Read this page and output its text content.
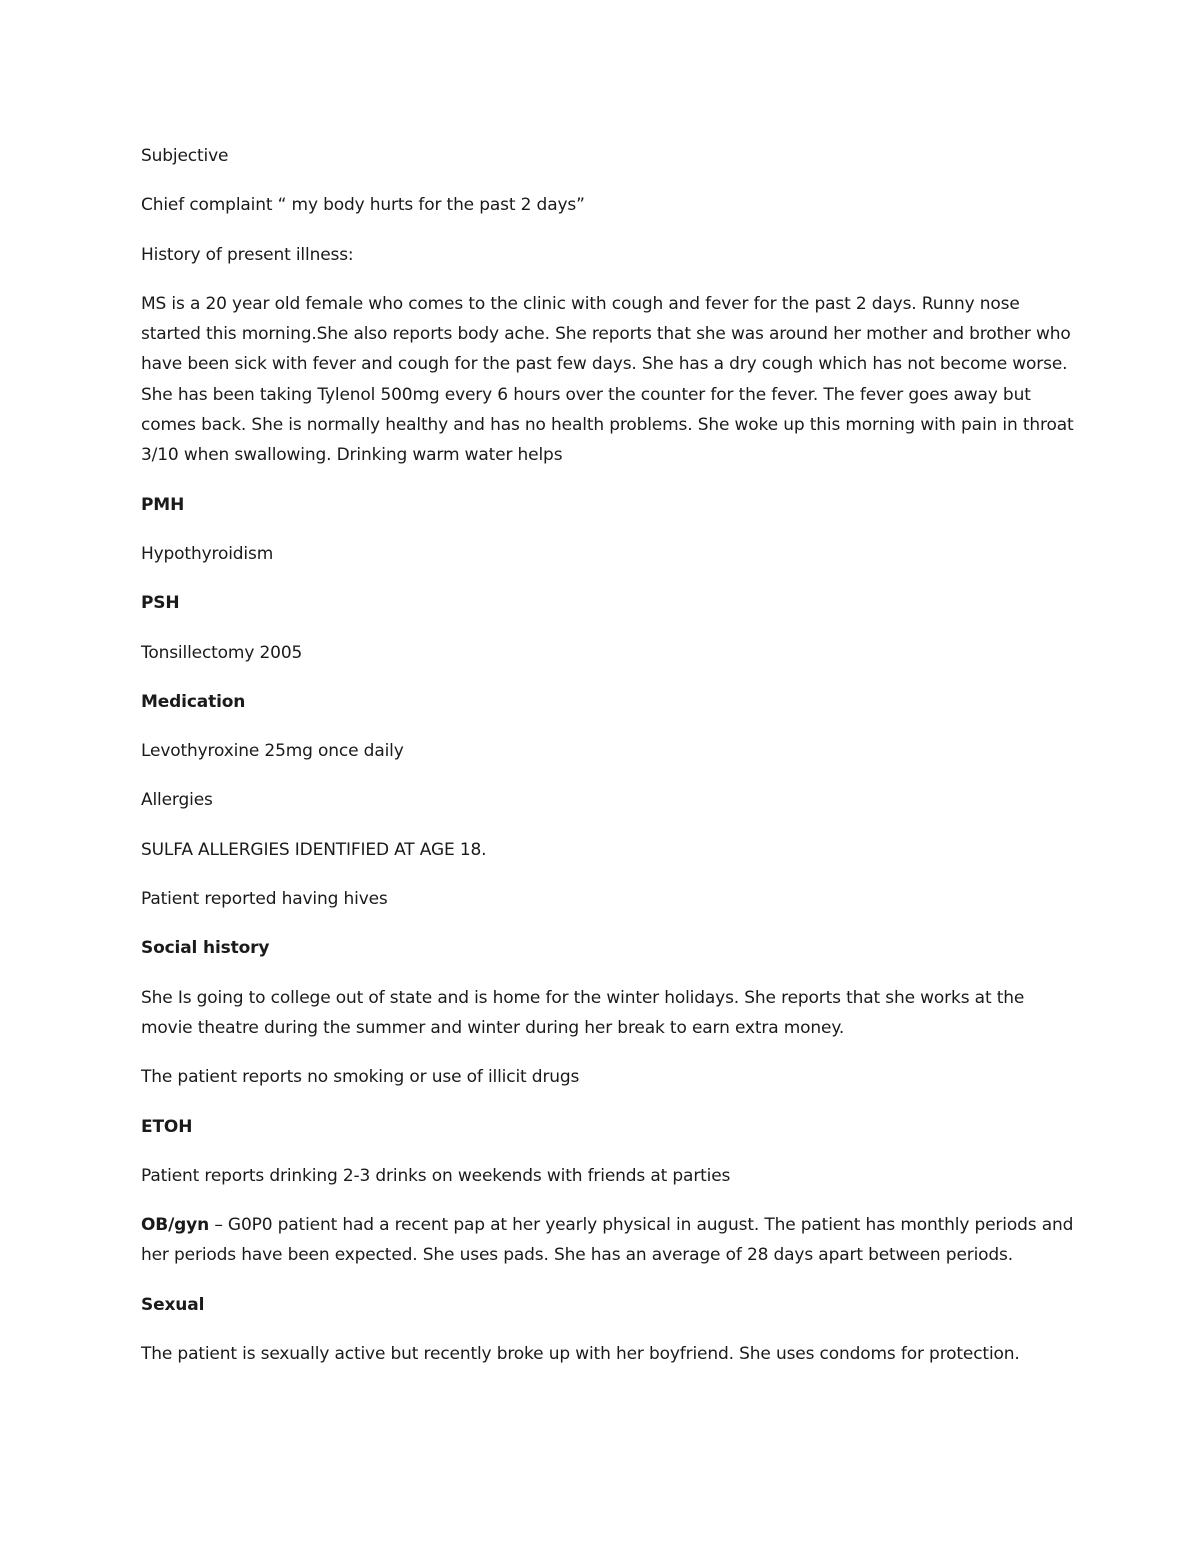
Subjective

Chief complaint “ my body hurts for the past 2 days”

History of present illness:

MS is a 20 year old female who comes to the clinic with cough and fever for the past 2 days. Runny nose started this morning.She also reports body ache. She reports that she was around her mother and brother who have been sick with fever and cough for the past few days. She has a dry cough which has not become worse. She has been taking Tylenol 500mg every 6 hours over the counter for the fever. The fever goes away but comes back. She is normally healthy and has no health problems. She woke up this morning with pain in throat 3/10 when swallowing. Drinking warm water helps

PMH

Hypothyroidism

PSH

Tonsillectomy 2005

Medication

Levothyroxine 25mg once daily

Allergies

SULFA ALLERGIES IDENTIFIED AT AGE 18.

Patient reported having hives

Social history

She Is going to college out of state and is home for the winter holidays. She reports that she works at the movie theatre during the summer and winter during her break to earn extra money.

The patient reports no smoking or use of illicit drugs

ETOH

Patient reports drinking 2-3 drinks on weekends with friends at parties

OB/gyn – G0P0 patient had a recent pap at her yearly physical in august. The patient has monthly periods and her periods have been expected. She uses pads. She has an average of 28 days apart between periods.

Sexual

The patient is sexually active but recently broke up with her boyfriend. She uses condoms for protection.
